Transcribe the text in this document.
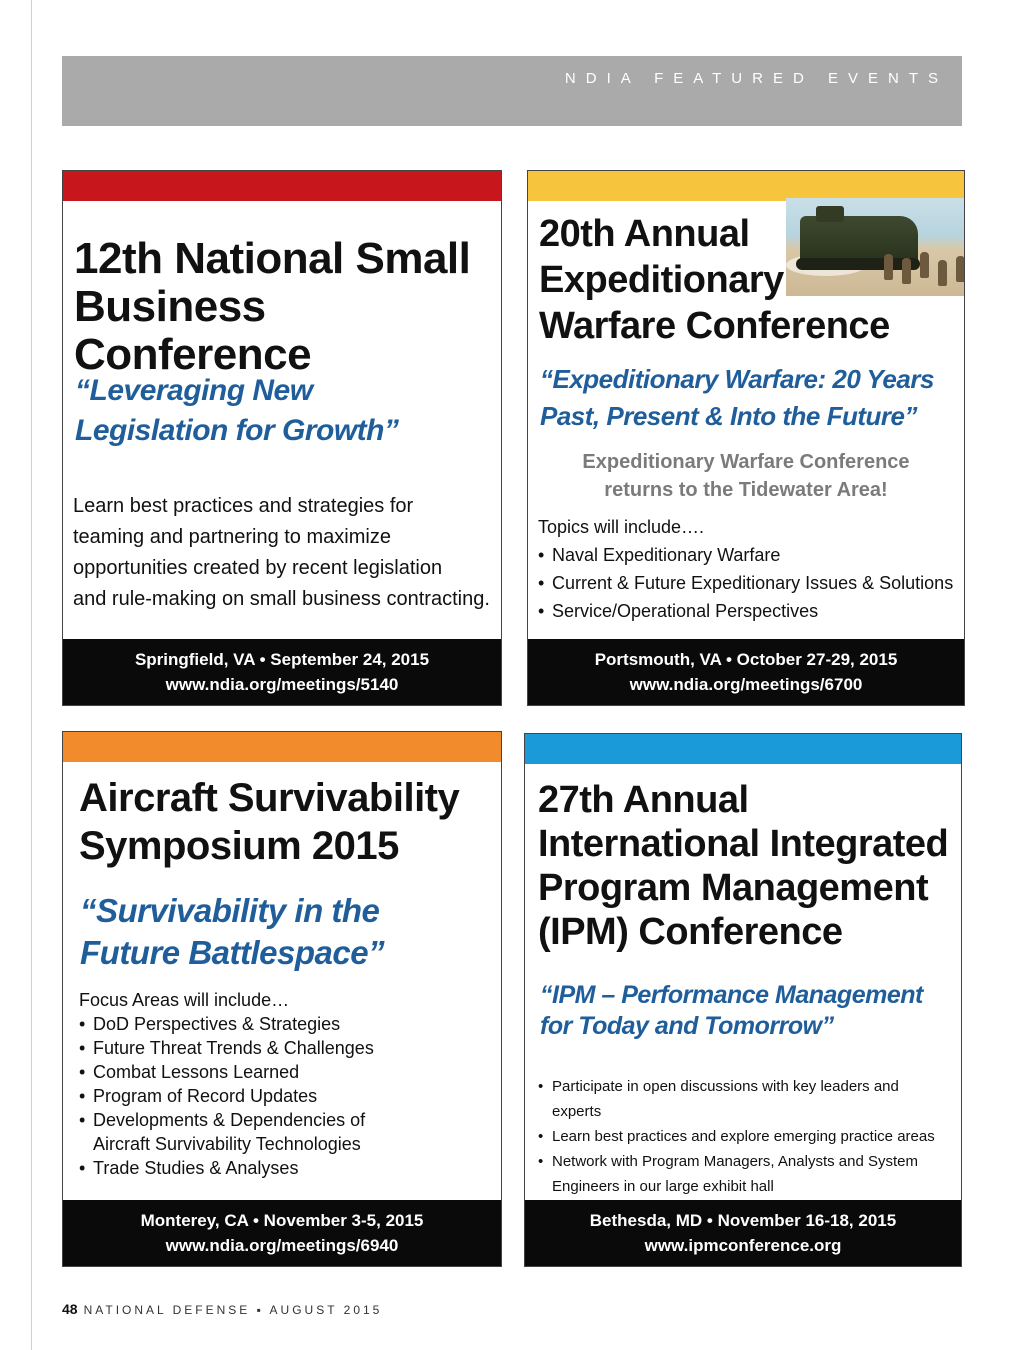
NDIA FEATURED EVENTS
12th National Small
Business Conference
“Leveraging New
Legislation for Growth”
Learn best practices and strategies for
teaming and partnering to maximize
opportunities created by recent legislation
and rule-making on small business contracting.
Springfield, VA • September 24, 2015
www.ndia.org/meetings/5140
20th Annual
Expeditionary
Warfare Conference
“Expeditionary Warfare: 20 Years
Past, Present & Into the Future”
Expeditionary Warfare Conference
returns to the Tidewater Area!
Topics will include….
• Naval Expeditionary Warfare
• Current & Future Expeditionary Issues & Solutions
• Service/Operational Perspectives
Portsmouth, VA • October 27-29, 2015
www.ndia.org/meetings/6700
Aircraft Survivability
Symposium 2015
“Survivability in the
Future Battlespace”
Focus Areas will include…
• DoD Perspectives & Strategies
• Future Threat Trends & Challenges
• Combat Lessons Learned
• Program of Record Updates
• Developments & Dependencies of Aircraft Survivability Technologies
• Trade Studies & Analyses
Monterey, CA • November 3-5, 2015
www.ndia.org/meetings/6940
27th Annual
International Integrated
Program Management
(IPM) Conference
“IPM – Performance Management
for Today and Tomorrow”
• Participate in open discussions with key leaders and experts
• Learn best practices and explore emerging practice areas
• Network with Program Managers, Analysts and System Engineers in our large exhibit hall
Bethesda, MD • November 16-18, 2015
www.ipmconference.org
48 NATIONAL DEFENSE ▪ AUGUST 2015
